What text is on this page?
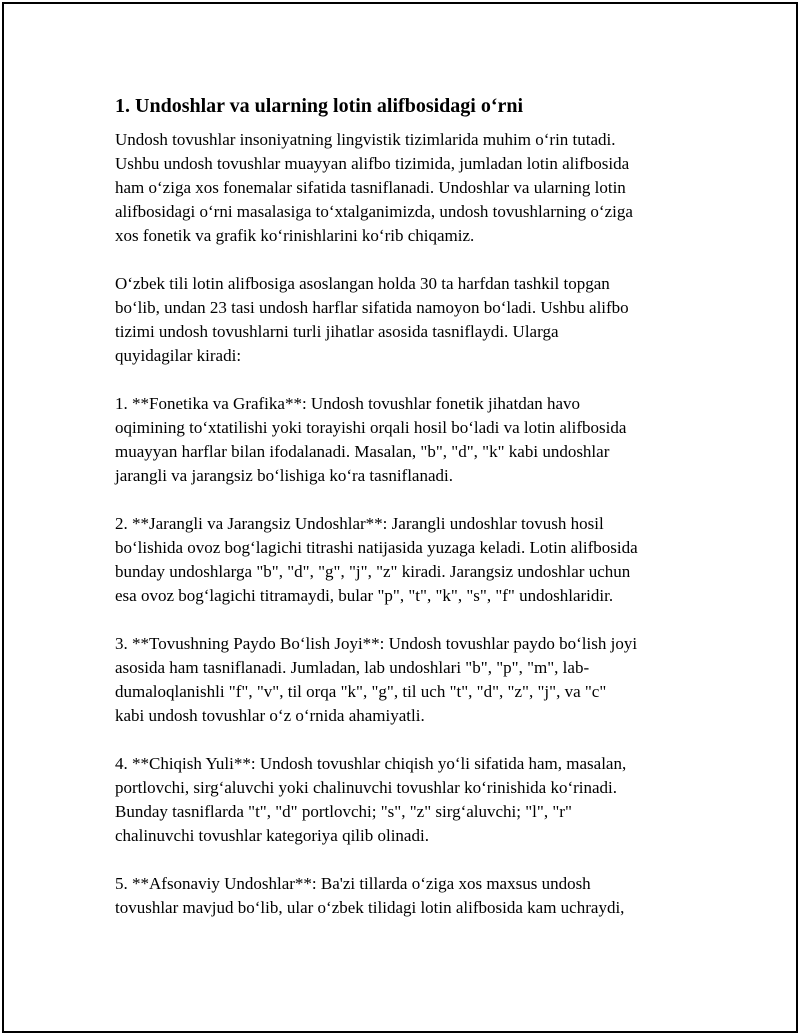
1. Undoshlar va ularning lotin alifbosidagi o‘rni

Undosh tovushlar insoniyatning lingvistik tizimlarida muhim o‘rin tutadi.
Ushbu undosh tovushlar muayyan alifbo tizimida, jumladan lotin alifbosida
ham o‘ziga xos fonemalar sifatida tasniflanadi. Undoshlar va ularning lotin
alifbosidagi o‘rni masalasiga to‘xtalganimizda, undosh tovushlarning o‘ziga
xos fonetik va grafik ko‘rinishlarini ko‘rib chiqamiz.

O‘zbek tili lotin alifbosiga asoslangan holda 30 ta harfdan tashkil topgan
bo‘lib, undan 23 tasi undosh harflar sifatida namoyon bo‘ladi. Ushbu alifbo
tizimi undosh tovushlarni turli jihatlar asosida tasniflaydi. Ularga
quyidagilar kiradi:

1. **Fonetika va Grafika**: Undosh tovushlar fonetik jihatdan havo
oqimining to‘xtatilishi yoki torayishi orqali hosil bo‘ladi va lotin alifbosida
muayyan harflar bilan ifodalanadi. Masalan, "b", "d", "k" kabi undoshlar
jarangli va jarangsiz bo‘lishiga ko‘ra tasniflanadi.

2. **Jarangli va Jarangsiz Undoshlar**: Jarangli undoshlar tovush hosil
bo‘lishida ovoz bog‘lagichi titrashi natijasida yuzaga keladi. Lotin alifbosida
bunday undoshlarga "b", "d", "g", "j", "z" kiradi. Jarangsiz undoshlar uchun
esa ovoz bog‘lagichi titramaydi, bular "p", "t", "k", "s", "f" undoshlaridir.

3. **Tovushning Paydo Bo‘lish Joyi**: Undosh tovushlar paydo bo‘lish joyi
asosida ham tasniflanadi. Jumladan, lab undoshlari "b", "p", "m", lab-
dumaloqlanishli "f", "v", til orqa "k", "g", til uch "t", "d", "z", "j", va "c"
kabi undosh tovushlar o‘z o‘rnida ahamiyatli.

4. **Chiqish Yuli**: Undosh tovushlar chiqish yo‘li sifatida ham, masalan,
portlovchi, sirg‘aluvchi yoki chalinuvchi tovushlar ko‘rinishida ko‘rinadi.
Bunday tasniflarda "t", "d" portlovchi; "s", "z" sirg‘aluvchi; "l", "r"
chalinuvchi tovushlar kategoriya qilib olinadi.

5. **Afsonaviy Undoshlar**: Ba'zi tillarda o‘ziga xos maxsus undosh
tovushlar mavjud bo‘lib, ular o‘zbek tilidagi lotin alifbosida kam uchraydi,
